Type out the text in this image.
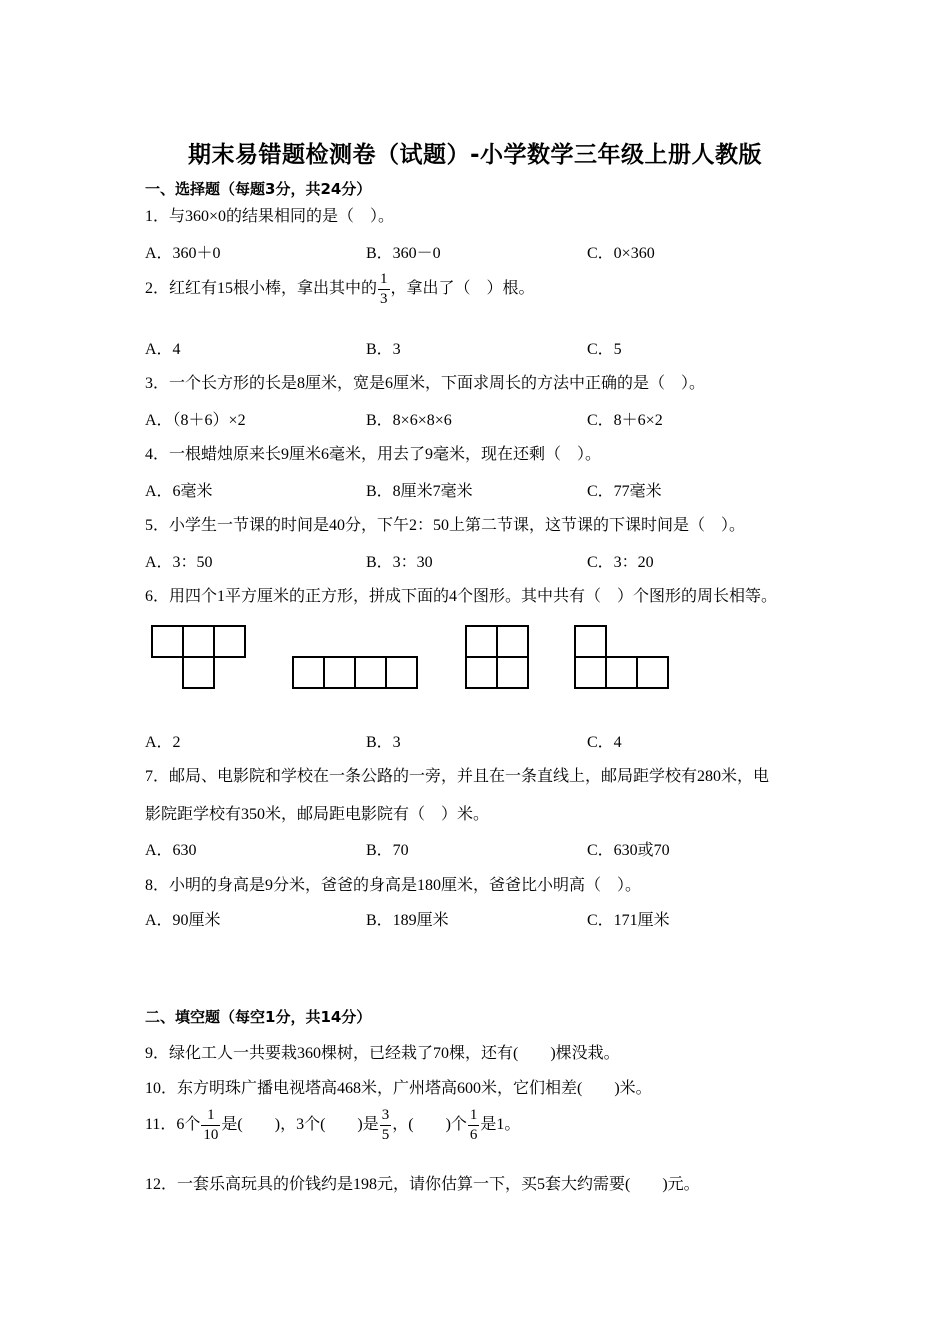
期末易错题检测卷（试题）-小学数学三年级上册人教版
一、选择题（每题3分，共24分）
1．与360×0的结果相同的是（　）。
A．360＋0	B．360－0	C．0×360
2．红红有15根小棒，拿出其中的 $\frac{1}{3}$ ，拿出了（　）根。
A．4	B．3	C．5
3．一个长方形的长是8厘米，宽是6厘米，下面求周长的方法中正确的是（　）。
A．（8＋6）×2	B．8×6×8×6	C．8＋6×2
4．一根蜡烛原来长9厘米6毫米，用去了9毫米，现在还剩（　）。
A．6毫米	B．8厘米7毫米	C．77毫米
5．小学生一节课的时间是40分，下午2：50上第二节课，这节课的下课时间是（　）。
A．3：50	B．3：30	C．3：20
6．用四个1平方厘米的正方形，拼成下面的4个图形。其中共有（　）个图形的周长相等。
A．2	B．3	C．4
7．邮局、电影院和学校在一条公路的一旁，并且在一条直线上，邮局距学校有280米，电
影院距学校有350米，邮局距电影院有（　）米。
A．630	B．70	C．630或70
8．小明的身高是9分米，爸爸的身高是180厘米，爸爸比小明高（　）。
A．90厘米	B．189厘米	C．171厘米
二、填空题（每空1分，共14分）
9．绿化工人一共要栽360棵树，已经栽了70棵，还有(　　)棵没栽。
10．东方明珠广播电视塔高468米，广州塔高600米，它们相差(　　)米。
11．6个 $\frac{1}{10}$ 是(　　)，3个(　　)是 $\frac{3}{5}$ ，(　　)个 $\frac{1}{6}$ 是1。
12．一套乐高玩具的价钱约是198元，请你估算一下，买5套大约需要(　　)元。
